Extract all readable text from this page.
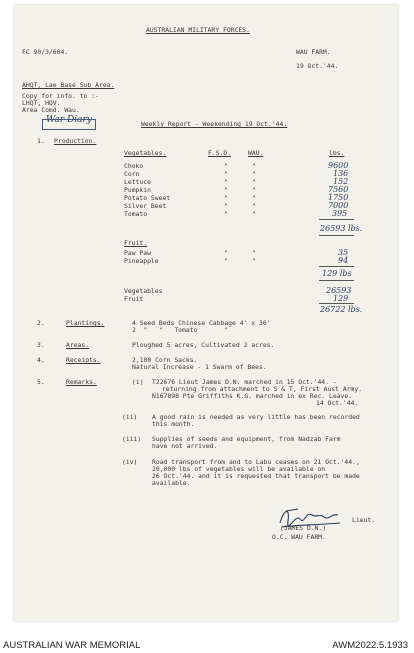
AUSTRALIAN MILITARY FORCES.
FC 90/3/604.	WAU FARM.
19 Oct.'44.
AHQT, Lae Base Sub Area.
Copy for info. to :-
LHQT, HQV.
Area Comd. Wau.
War Diary	Weekly Report - Weekending 19 Oct.'44.
1. Production.
Vegetables.	F.S.D.	WAU.	lbs.
Choko	"	"	9600
Corn	"	"	136
Lettuce	"	"	152
Pumpkin	"	"	7560
Potato Sweet	"	"	1750
Silver Beet	"	"	7000
Tomato	"	"	395
26593 lbs.
Fruit.
Paw Paw	"	"	35
Pineapple	"	"	94
129 lbs
Vegetables	26593
Fruit	129
26722 lbs.
2.	Plantings.	4 Seed Beds Chinese Cabbage 4' x 36'
2  "   "   Tomato       "
3.	Areas.	Ploughed 5 acres, Cultivated 2 acres.
4.	Receipts.	2,100 Corn Sacks.
Natural Increase - 1 Swarm of Bees.
5.	Remarks.	(i) T22676 Lieut James D.N. marched in 15 Oct.'44. -
returning from attachment to S & T, First Aust Army.
N167898 Pte Griffiths K.G. marched in ex Rec. Leave.
14 Oct.'44.
(ii) A good rain is needed as very little has been recorded
this month.
(iii) Supplies of seeds and equipment, from Nadzab Farm
have not arrived.
(iv) Road transport from and to Labu ceases on 21 Oct.'44.,
20,000 lbs of vegetables will be available on
26 Oct.'44. and it is requested that transport be made
available.
Lieut.
(JAMES D.N.)
O.C. WAU FARM.
AUSTRALIAN WAR MEMORIAL	AWM2022.5.1933
